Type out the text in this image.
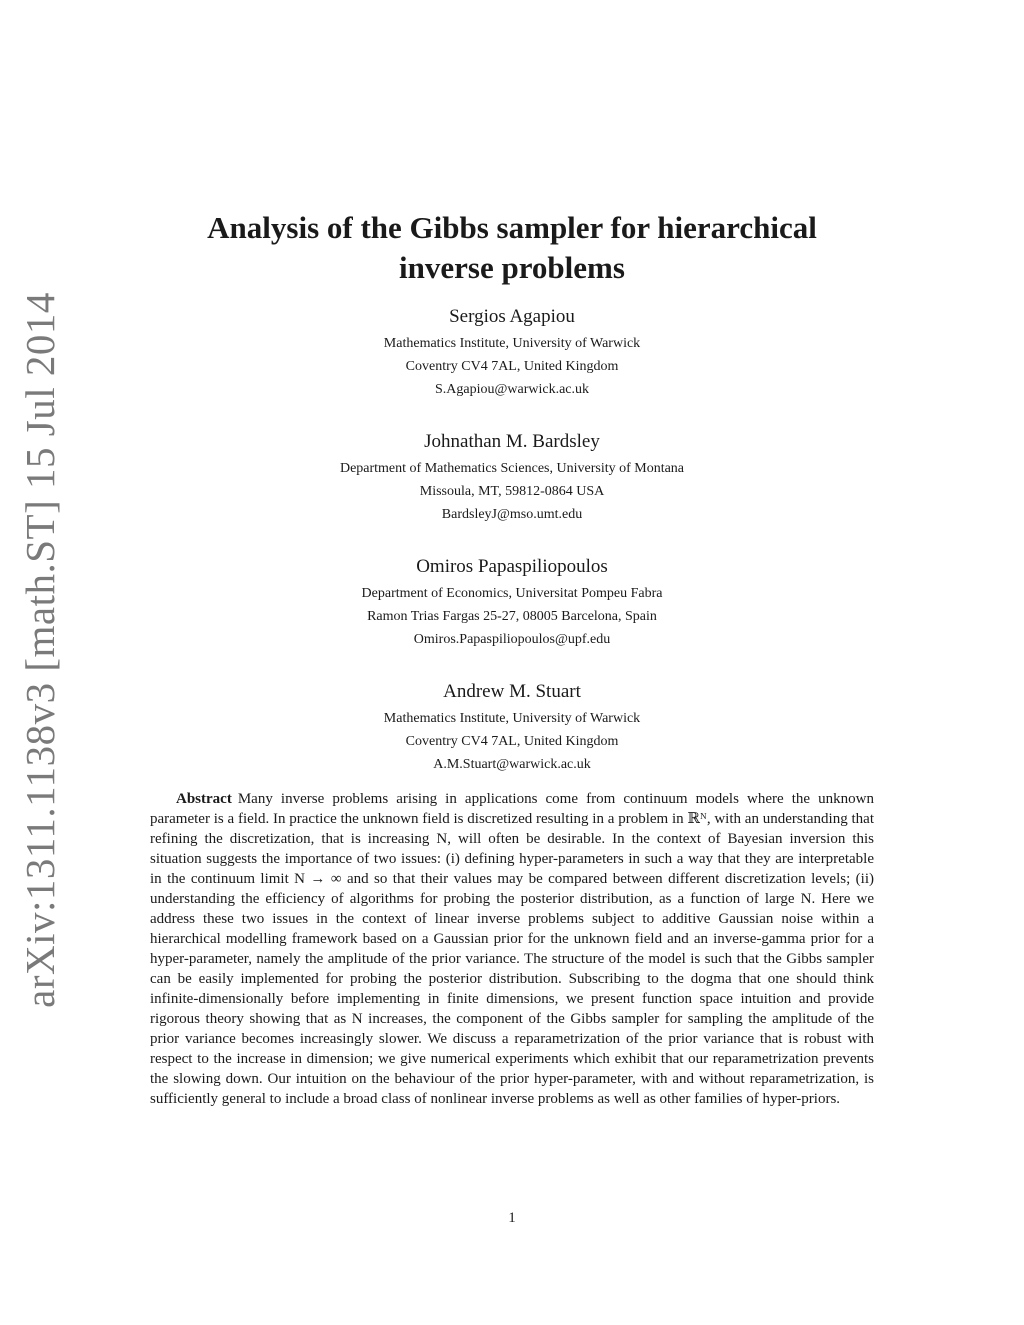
arXiv:1311.1138v3 [math.ST] 15 Jul 2014
Analysis of the Gibbs sampler for hierarchical
inverse problems
Sergios Agapiou
Mathematics Institute, University of Warwick
Coventry CV4 7AL, United Kingdom
S.Agapiou@warwick.ac.uk
Johnathan M. Bardsley
Department of Mathematics Sciences, University of Montana
Missoula, MT, 59812-0864 USA
BardsleyJ@mso.umt.edu
Omiros Papaspiliopoulos
Department of Economics, Universitat Pompeu Fabra
Ramon Trias Fargas 25-27, 08005 Barcelona, Spain
Omiros.Papaspiliopoulos@upf.edu
Andrew M. Stuart
Mathematics Institute, University of Warwick
Coventry CV4 7AL, United Kingdom
A.M.Stuart@warwick.ac.uk
Abstract Many inverse problems arising in applications come from continuum models where the unknown parameter is a field. In practice the unknown field is discretized resulting in a problem in ℝᴺ, with an understanding that refining the discretization, that is increasing N, will often be desirable. In the context of Bayesian inversion this situation suggests the importance of two issues: (i) defining hyper-parameters in such a way that they are interpretable in the continuum limit N → ∞ and so that their values may be compared between different discretization levels; (ii) understanding the efficiency of algorithms for probing the posterior distribution, as a function of large N. Here we address these two issues in the context of linear inverse problems subject to additive Gaussian noise within a hierarchical modelling framework based on a Gaussian prior for the unknown field and an inverse-gamma prior for a hyper-parameter, namely the amplitude of the prior variance. The structure of the model is such that the Gibbs sampler can be easily implemented for probing the posterior distribution. Subscribing to the dogma that one should think infinite-dimensionally before implementing in finite dimensions, we present function space intuition and provide rigorous theory showing that as N increases, the component of the Gibbs sampler for sampling the amplitude of the prior variance becomes increasingly slower. We discuss a reparametrization of the prior variance that is robust with respect to the increase in dimension; we give numerical experiments which exhibit that our reparametrization prevents the slowing down. Our intuition on the behaviour of the prior hyper-parameter, with and without reparametrization, is sufficiently general to include a broad class of nonlinear inverse problems as well as other families of hyper-priors.
1
